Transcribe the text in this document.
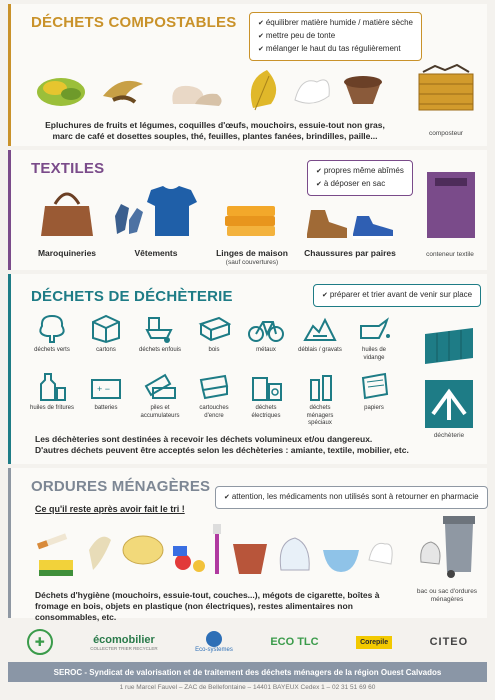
DÉCHETS COMPOSTABLES	✔ équilibrer matière humide / matière sèche
✔ mettre peu de tonte
✔ mélanger le haut du tas régulièrement
Epluchures de fruits et légumes, coquilles d'œufs, mouchoirs, essuie-tout non gras, marc de café et dosettes souples, thé, feuilles, plantes fanées, brindilles, paille...	composteur
TEXTILES	✔ propres même abîmés
✔ à déposer en sac
Maroquineries	Vêtements	Linges de maison
(sauf couvertures)
Chaussures par paires	conteneur textile
DÉCHETS DE DÉCHÈTERIE	✔ préparer et trier avant de venir sur place
déchets verts	cartons	déchets enfouis	bois	métaux	déblais / gravats	huiles de vidange
huiles de fritures
+ −
batteries	piles et accumulateurs
cartouches d'encre
déchets électriques
déchets ménagers spéciaux
papiers
Les déchèteries sont destinées à recevoir les déchets volumineux et/ou dangereux.
D'autres déchets peuvent être acceptés selon les déchèteries : amiante, textile, mobilier, etc.
déchèterie
ORDURES MÉNAGÈRES
✔ attention, les médicaments non utilisés sont à retourner en pharmacie
Ce qu'il reste après avoir fait le tri !
Déchets d'hygiène (mouchoirs, essuie-tout, couches...), mégots de cigarette, boîtes à fromage en bois, objets en plastique (non électriques), restes alimentaires non consommables, etc.
bac ou sac d'ordures ménagères
✚	écomobilier
COLLECTER TRIER RECYCLER	Eco-systemes
ECO TLC	Corepile	CITEO
SEROC - Syndicat de valorisation et de traitement des déchets ménagers de la région Ouest Calvados
1 rue Marcel Fauvel – ZAC de Bellefontaine – 14401 BAYEUX Cedex 1 – 02 31 51 69 60
